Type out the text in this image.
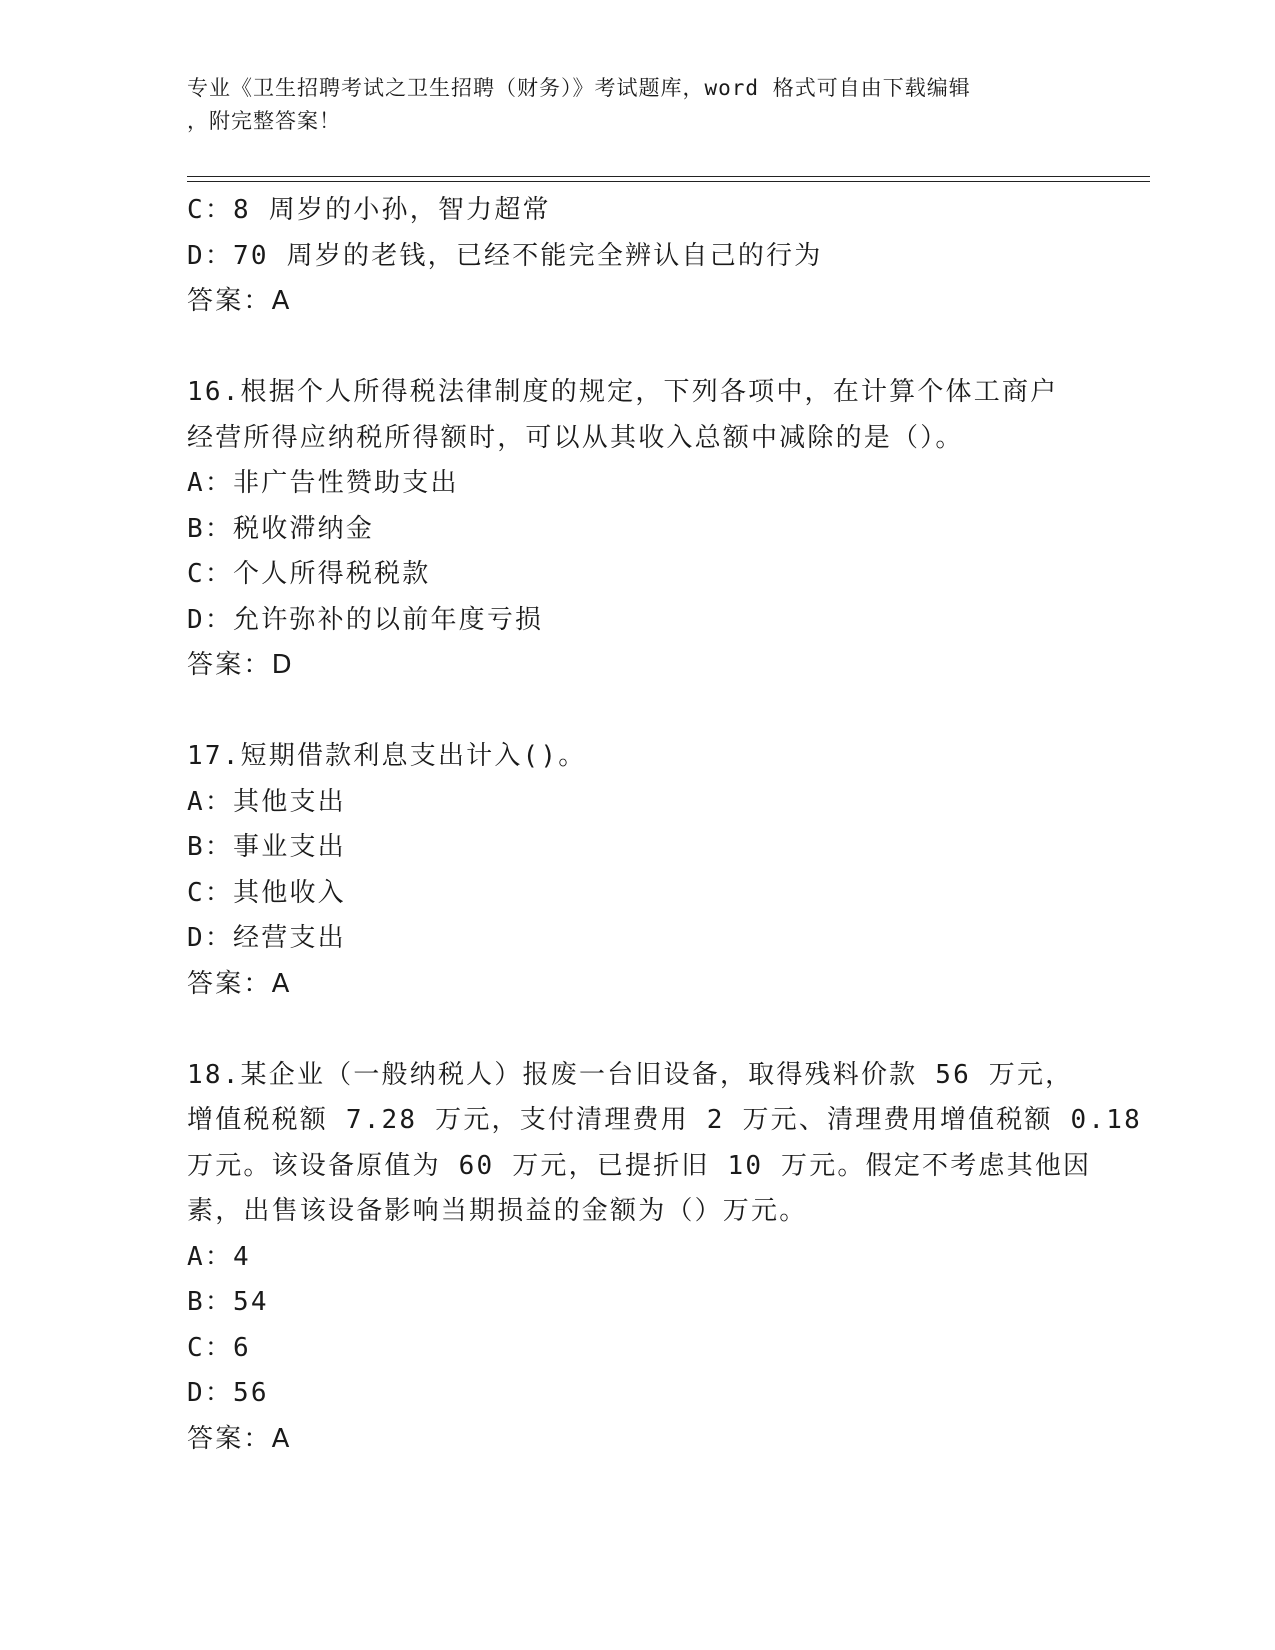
专业《卫生招聘考试之卫生招聘（财务）》考试题库，word 格式可自由下载编辑
，附完整答案！
C：8 周岁的小孙，智力超常
D：70 周岁的老钱，已经不能完全辨认自己的行为
答案：A
16.根据个人所得税法律制度的规定，下列各项中，在计算个体工商户
经营所得应纳税所得额时，可以从其收入总额中减除的是（）。
A：非广告性赞助支出
B：税收滞纳金
C：个人所得税税款
D：允许弥补的以前年度亏损
答案：D
17.短期借款利息支出计入()。
A：其他支出
B：事业支出
C：其他收入
D：经营支出
答案：A
18.某企业（一般纳税人）报废一台旧设备，取得残料价款 56 万元，
增值税税额 7.28 万元，支付清理费用 2 万元、清理费用增值税额 0.18
万元。该设备原值为 60 万元，已提折旧 10 万元。假定不考虑其他因
素，出售该设备影响当期损益的金额为（）万元。
A：4
B：54
C：6
D：56
答案：A
